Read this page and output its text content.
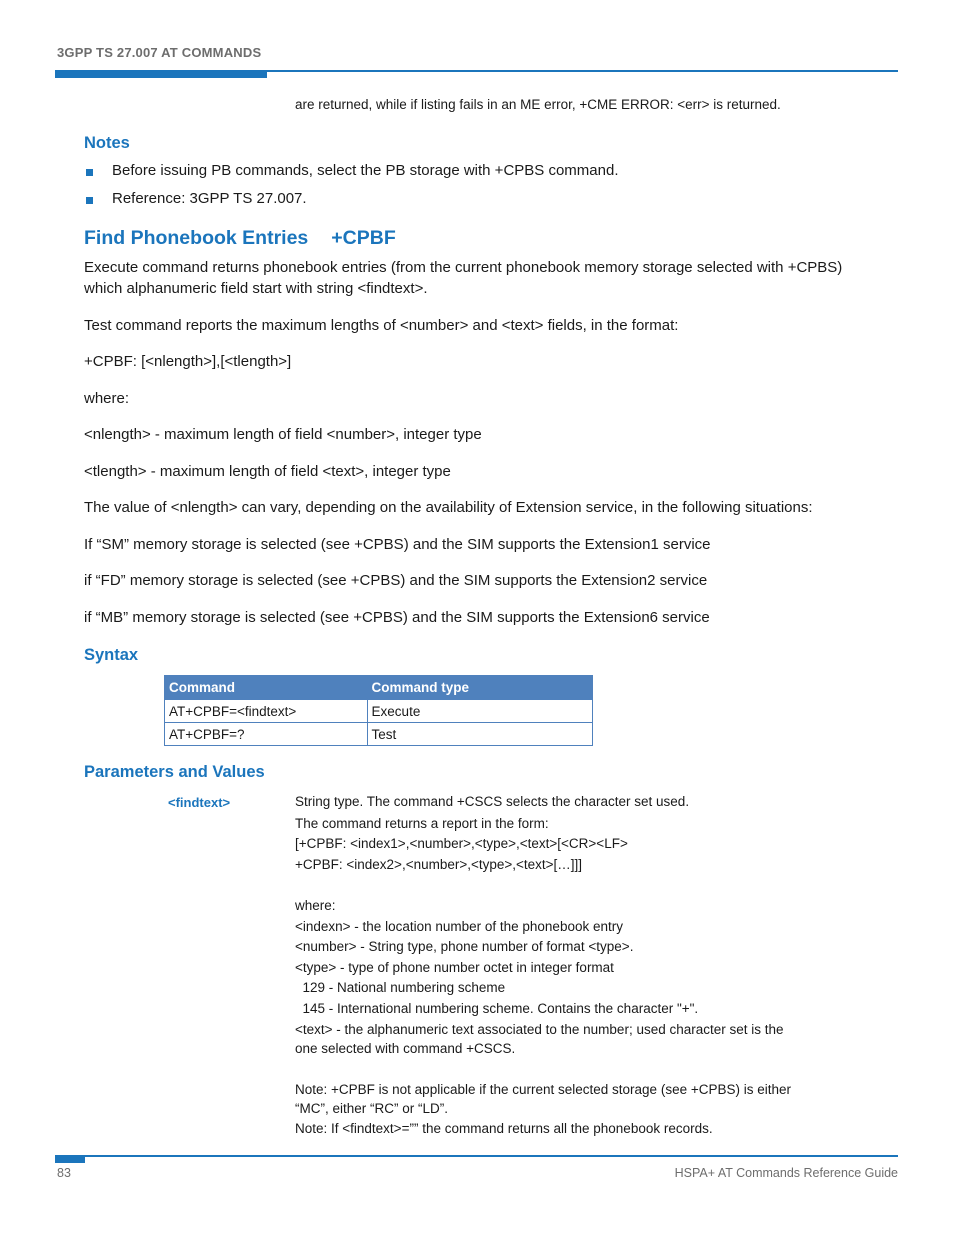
3GPP TS 27.007 AT COMMANDS
are returned, while if listing fails in an ME error, +CME ERROR: <err> is returned.
Notes
Before issuing PB commands, select the PB storage with +CPBS command.
Reference: 3GPP TS 27.007.
Find Phonebook Entries +CPBF
Execute command returns phonebook entries (from the current phonebook memory storage selected with +CPBS)
which alphanumeric field start with string <findtext>.
Test command reports the maximum lengths of <number> and <text> fields, in the format:
+CPBF: [<nlength>],[<tlength>]
where:
<nlength> - maximum length of field <number>, integer type
<tlength> - maximum length of field <text>, integer type
The value of <nlength> can vary, depending on the availability of Extension service, in the following situations:
If “SM” memory storage is selected (see +CPBS) and the SIM supports the Extension1 service
if “FD” memory storage is selected (see +CPBS) and the SIM supports the Extension2 service
if “MB” memory storage is selected (see +CPBS) and the SIM supports the Extension6 service
Syntax
Command	Command type
AT+CPBF=<findtext>	Execute
AT+CPBF=?	Test
Parameters and Values
<findtext>	String type. The command +CSCS selects the character set used.
The command returns a report in the form:
[+CPBF: <index1>,<number>,<type>,<text>[<CR><LF>
+CPBF: <index2>,<number>,<type>,<text>[…]]]
where:
<indexn> - the location number of the phonebook entry
<number> - String type, phone number of format <type>.
<type> - type of phone number octet in integer format
129 - National numbering scheme
145 - International numbering scheme. Contains the character "+".
<text> - the alphanumeric text associated to the number; used character set is the
one selected with command +CSCS.
Note: +CPBF is not applicable if the current selected storage (see +CPBS) is either
“MC”, either “RC” or “LD”.
Note: If <findtext>=”” the command returns all the phonebook records.
83	HSPA+ AT Commands Reference Guide
